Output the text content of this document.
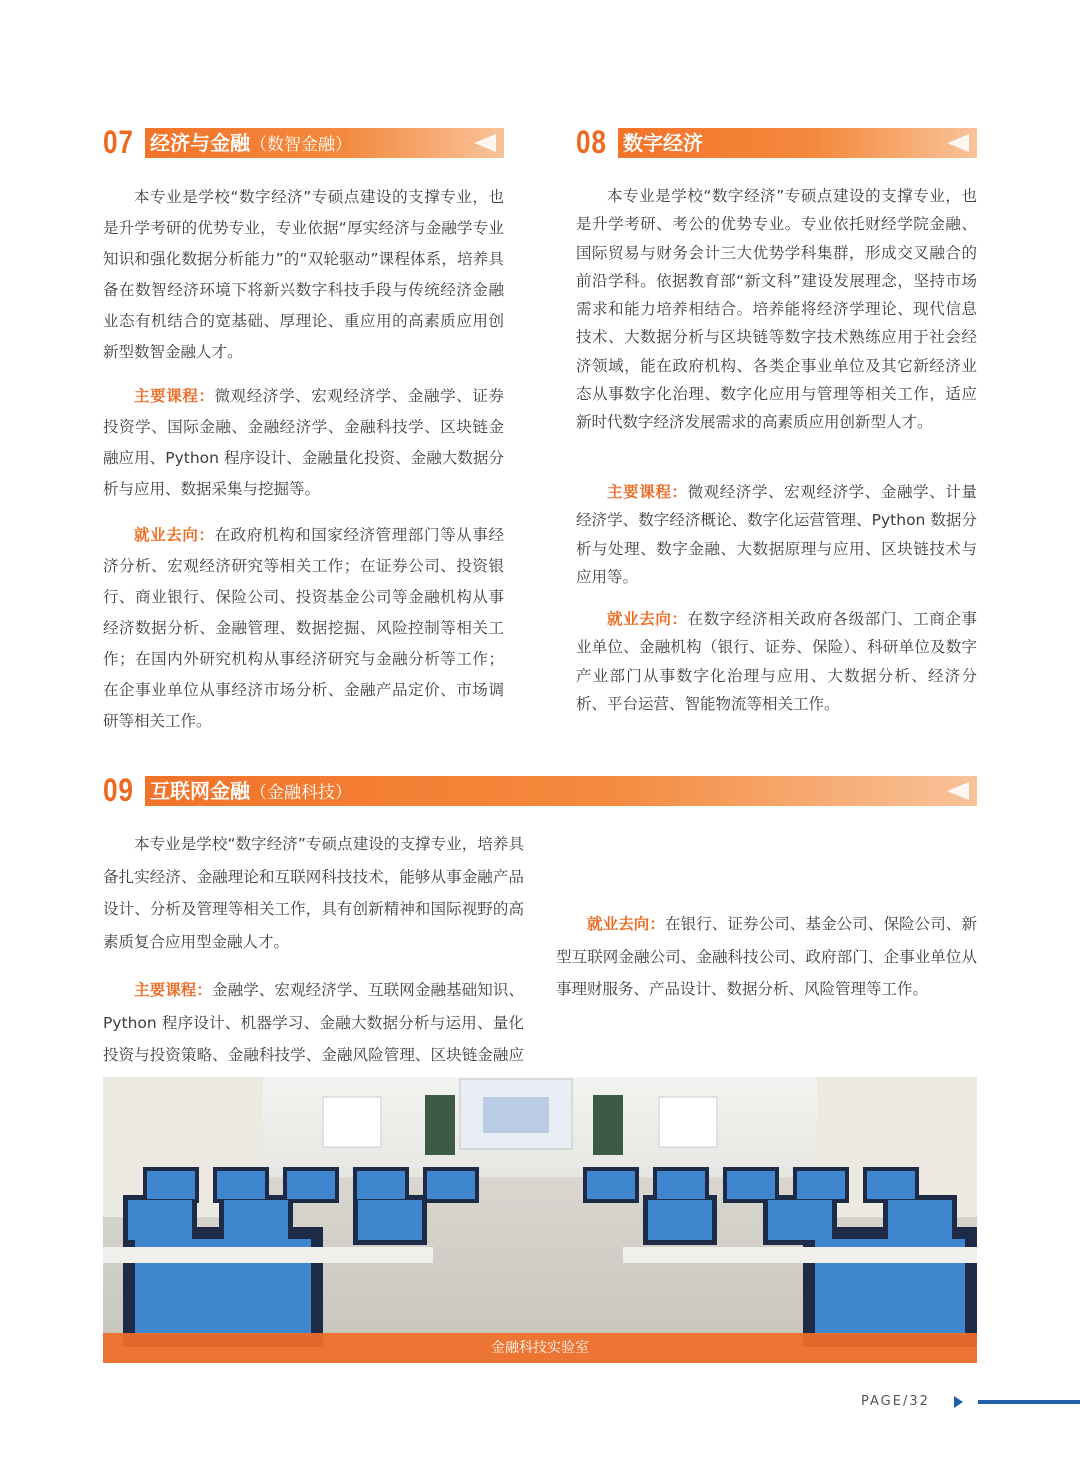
07 经济与金融（数智金融）

本专业是学校“数字经济”专硕点建设的支撑专业，也是升学考研的优势专业，专业依据“厚实经济与金融学专业知识和强化数据分析能力”的“双轮驱动”课程体系，培养具备在数智经济环境下将新兴数字科技手段与传统经济金融业态有机结合的宽基础、厚理论、重应用的高素质应用创新型数智金融人才。

主要课程：微观经济学、宏观经济学、金融学、证券投资学、国际金融、金融经济学、金融科技学、区块链金融应用、Python 程序设计、金融量化投资、金融大数据分析与应用、数据采集与挖掘等。

就业去向：在政府机构和国家经济管理部门等从事经济分析、宏观经济研究等相关工作；在证券公司、投资银行、商业银行、保险公司、投资基金公司等金融机构从事经济数据分析、金融管理、数据挖掘、风险控制等相关工作；在国内外研究机构从事经济研究与金融分析等工作；在企事业单位从事经济市场分析、金融产品定价、市场调研等相关工作。

08 数字经济

本专业是学校“数字经济”专硕点建设的支撑专业，也是升学考研、考公的优势专业。专业依托财经学院金融、国际贸易与财务会计三大优势学科集群，形成交叉融合的前沿学科。依据教育部“新文科”建设发展理念，坚持市场需求和能力培养相结合。培养能将经济学理论、现代信息技术、大数据分析与区块链等数字技术熟练应用于社会经济领域，能在政府机构、各类企事业单位及其它新经济业态从事数字化治理、数字化应用与管理等相关工作，适应新时代数字经济发展需求的高素质应用创新型人才。

主要课程：微观经济学、宏观经济学、金融学、计量经济学、数字经济概论、数字化运营管理、Python 数据分析与处理、数字金融、大数据原理与应用、区块链技术与应用等。

就业去向：在数字经济相关政府各级部门、工商企事业单位、金融机构（银行、证券、保险）、科研单位及数字产业部门从事数字化治理与应用、大数据分析、经济分析、平台运营、智能物流等相关工作。

09 互联网金融（金融科技）

本专业是学校“数字经济”专硕点建设的支撑专业，培养具备扎实经济、金融理论和互联网科技技术，能够从事金融产品设计、分析及管理等相关工作，具有创新精神和国际视野的高素质复合应用型金融人才。

主要课程：金融学、宏观经济学、互联网金融基础知识、Python 程序设计、机器学习、金融大数据分析与运用、量化投资与投资策略、金融科技学、金融风险管理、区块链金融应

就业去向：在银行、证券公司、基金公司、保险公司、新型互联网金融公司、金融科技公司、政府部门、企事业单位从事理财服务、产品设计、数据分析、风险管理等工作。

金融科技实验室
PAGE/32
